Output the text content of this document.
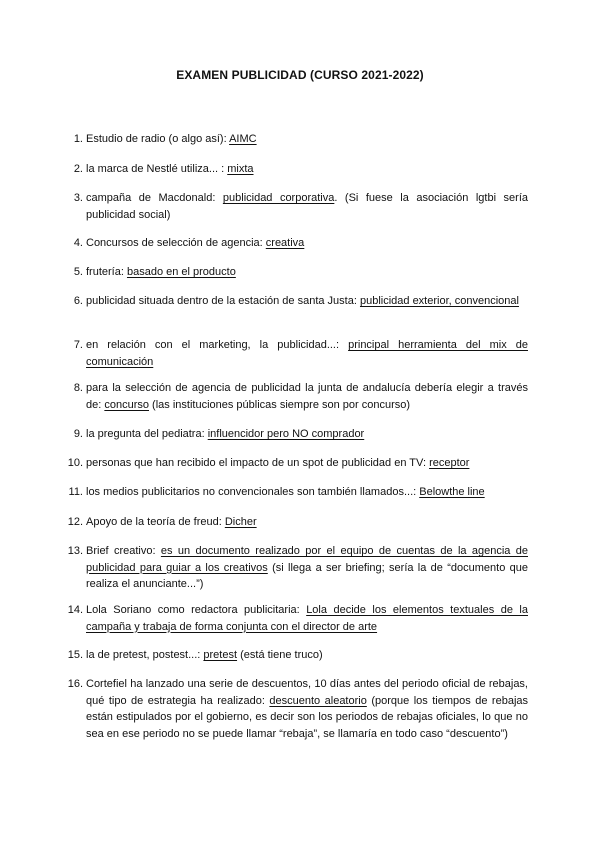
EXAMEN PUBLICIDAD (CURSO 2021-2022)
1. Estudio de radio (o algo así): AIMC
2. la marca de Nestlé utiliza... : mixta
3. campaña de Macdonald: publicidad corporativa. (Si fuese la asociación lgtbi sería publicidad social)
4. Concursos de selección de agencia: creativa
5. frutería: basado en el producto
6. publicidad situada dentro de la estación de santa Justa: publicidad exterior, convencional
7. en relación con el marketing, la publicidad...: principal herramienta del mix de comunicación
8. para la selección de agencia de publicidad la junta de andalucía debería elegir a través de: concurso (las instituciones públicas siempre son por concurso)
9. la pregunta del pediatra: influencidor pero NO comprador
10. personas que han recibido el impacto de un spot de publicidad en TV: receptor
11. los medios publicitarios no convencionales son también llamados...: Belowthe line
12. Apoyo de la teoría de freud: Dicher
13. Brief creativo: es un documento realizado por el equipo de cuentas de la agencia de publicidad para guiar a los creativos (si llega a ser briefing; sería la de “documento que realiza el anunciante...”)
14. Lola Soriano como redactora publicitaria: Lola decide los elementos textuales de la campaña y trabaja de forma conjunta con el director de arte
15. la de pretest, postest...: pretest (está tiene truco)
16. Cortefiel ha lanzado una serie de descuentos, 10 días antes del periodo oficial de rebajas, qué tipo de estrategia ha realizado: descuento aleatorio (porque los tiempos de rebajas están estipulados por el gobierno, es decir son los periodos de rebajas oficiales, lo que no sea en ese periodo no se puede llamar “rebaja”, se llamaría en todo caso “descuento”)
